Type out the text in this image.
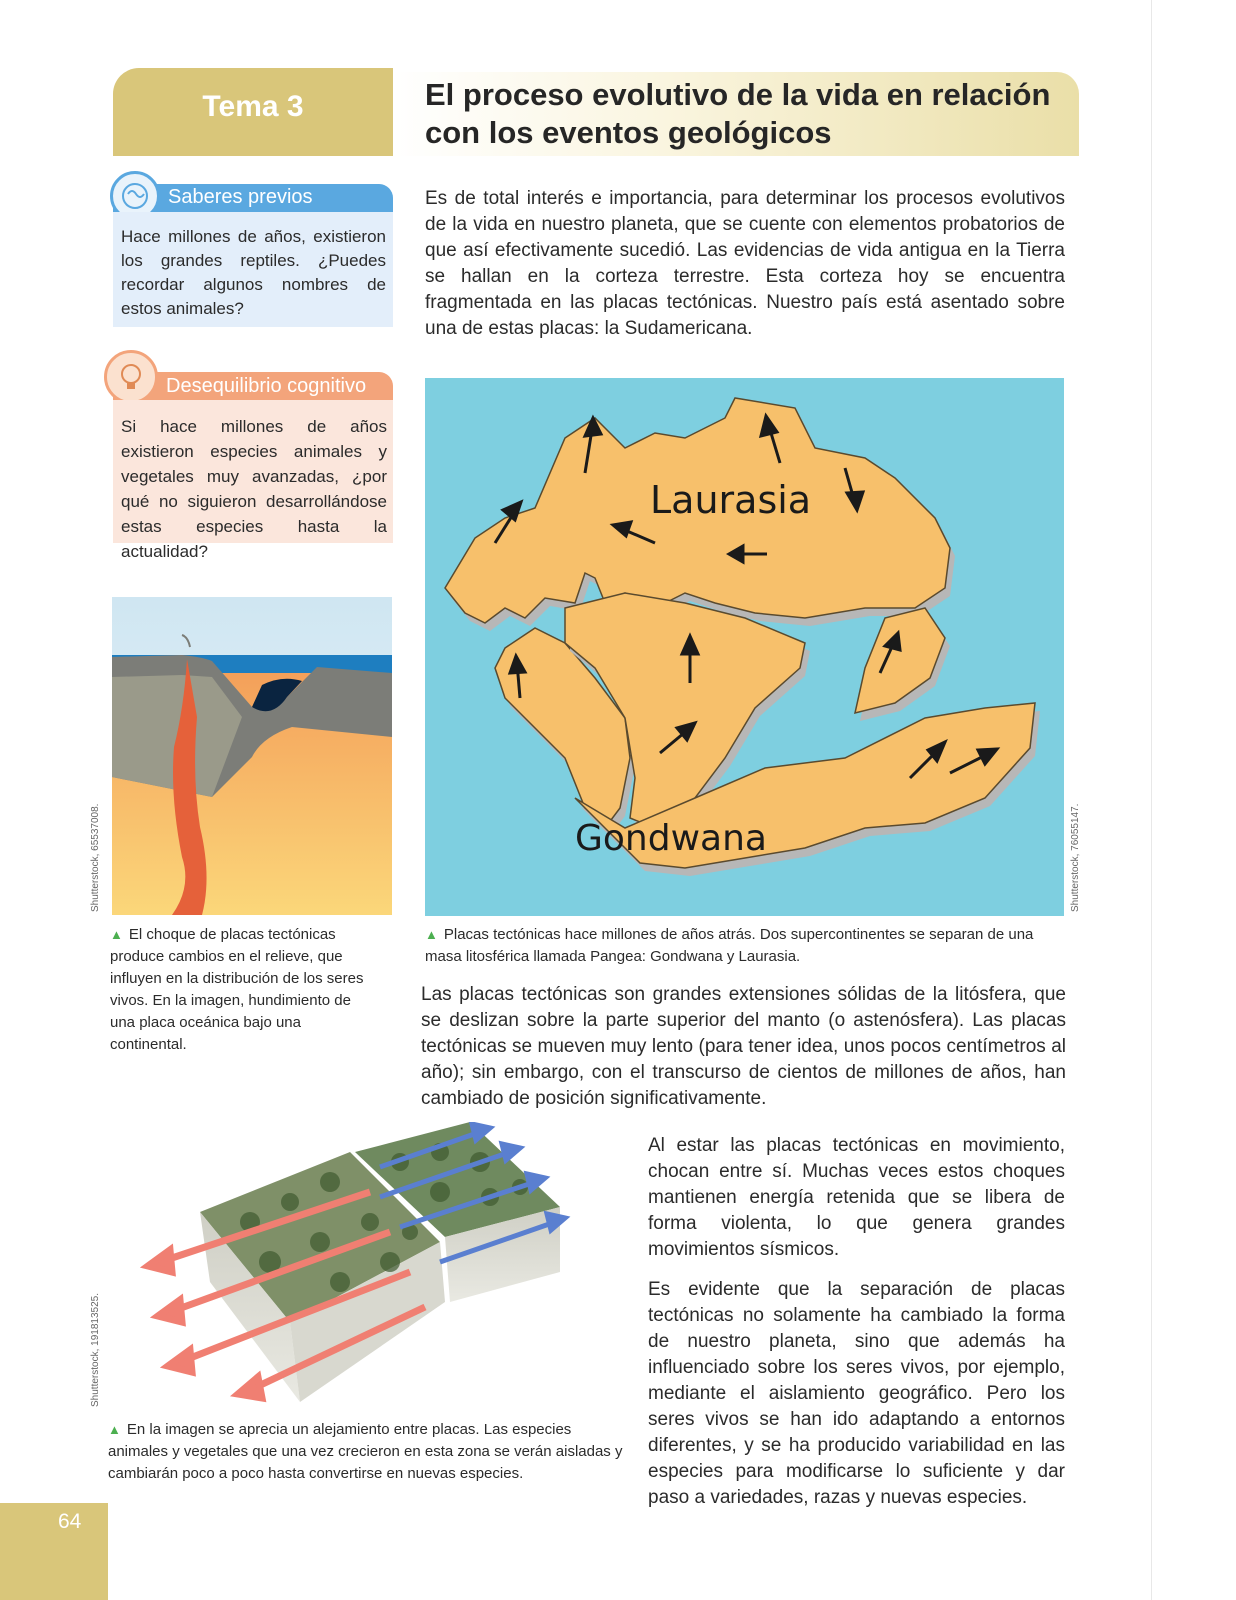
Tema 3	El proceso evolutivo de la vida en relación
con los eventos geológicos
Saberes previos

Hace millones de años, existieron los grandes reptiles. ¿Puedes recordar algunos nombres de estos animales?

Desequilibrio cognitivo

Si hace millones de años existieron especies animales y vegetales muy avanzadas, ¿por qué no siguieron desarrollándose estas especies hasta la actualidad?

Es de total interés e importancia, para determinar los procesos evolutivos de la vida en nuestro planeta, que se cuente con elementos probatorios de que así efectivamente sucedió. Las evidencias de vida antigua en la Tierra se hallan en la corteza terrestre. Esta corteza hoy se encuentra fragmentada en las placas tectónicas. Nuestro país está asentado sobre una de estas placas: la Sudamericana.

▲ El choque de placas tectónicas produce cambios en el relieve, que influyen en la distribución de los seres vivos. En la imagen, hundimiento de una placa oceánica bajo una continental.

Laurasia
Gondwana

▲ Placas tectónicas hace millones de años atrás. Dos supercontinentes se separan de una masa litosférica llamada Pangea: Gondwana y Laurasia.

Las placas tectónicas son grandes extensiones sólidas de la litósfera, que se deslizan sobre la parte superior del manto (o astenósfera). Las placas tectónicas se mueven muy lento (para tener idea, unos pocos centímetros al año); sin embargo, con el transcurso de cientos de millones de años, han cambiado de posición significativamente.

▲ En la imagen se aprecia un alejamiento entre placas. Las especies animales y vegetales que una vez crecieron en esta zona se verán aisladas y cambiarán poco a poco hasta convertirse en nuevas especies.

Al estar las placas tectónicas en movimiento, chocan entre sí. Muchas veces estos choques mantienen energía retenida que se libera de forma violenta, lo que genera grandes movimientos sísmicos.

Es evidente que la separación de placas tectónicas no solamente ha cambiado la forma de nuestro planeta, sino que además ha influenciado sobre los seres vivos, por ejemplo, mediante el aislamiento geográfico. Pero los seres vivos se han ido adaptando a entornos diferentes, y se ha producido variabilidad en las especies para modificarse lo suficiente y dar paso a variedades, razas y nuevas especies.

Shutterstock, 65537008.
Shutterstock, 191813525.
Shutterstock, 76055147.
64
